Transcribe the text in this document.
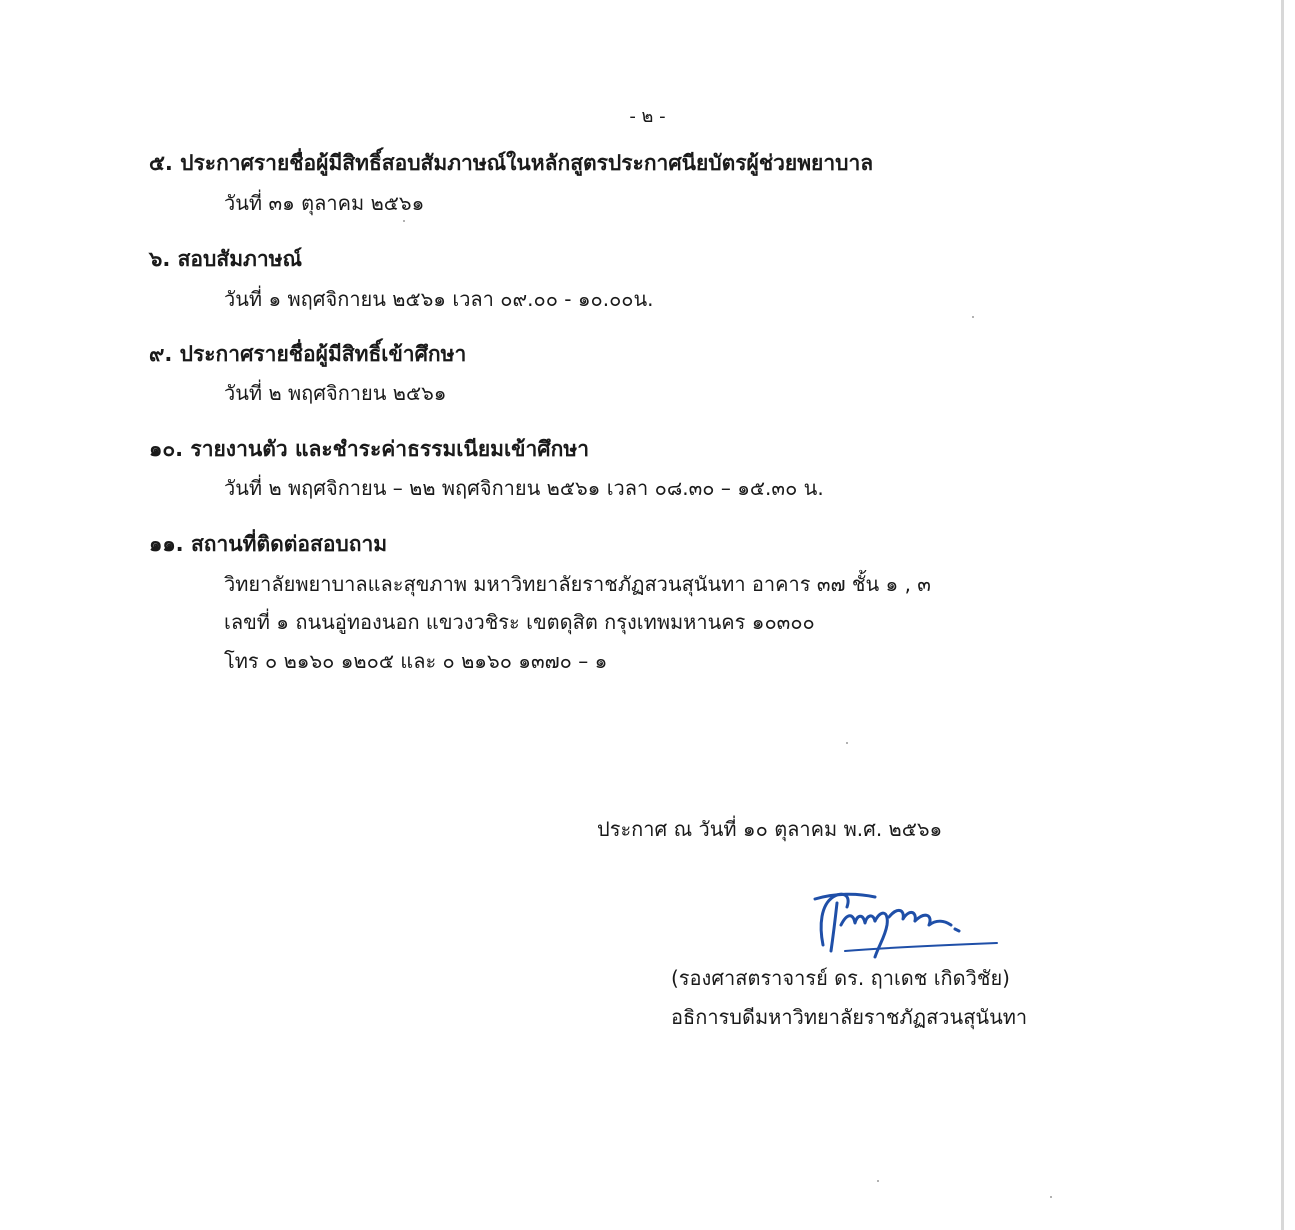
- ๒ -
๕. ประกาศรายชื่อผู้มีสิทธิ์สอบสัมภาษณ์ในหลักสูตรประกาศนียบัตรผู้ช่วยพยาบาล
วันที่ ๓๑ ตุลาคม ๒๕๖๑
๖. สอบสัมภาษณ์
วันที่ ๑ พฤศจิกายน ๒๕๖๑ เวลา ๐๙.๐๐ - ๑๐.๐๐น.
๙. ประกาศรายชื่อผู้มีสิทธิ์เข้าศึกษา
วันที่ ๒ พฤศจิกายน ๒๕๖๑
๑๐. รายงานตัว และชำระค่าธรรมเนียมเข้าศึกษา
วันที่ ๒ พฤศจิกายน – ๒๒ พฤศจิกายน ๒๕๖๑ เวลา ๐๘.๓๐ – ๑๕.๓๐ น.
๑๑. สถานที่ติดต่อสอบถาม
วิทยาลัยพยาบาลและสุขภาพ มหาวิทยาลัยราชภัฏสวนสุนันทา อาคาร ๓๗ ชั้น ๑ , ๓
เลขที่ ๑ ถนนอู่ทองนอก แขวงวชิระ เขตดุสิต กรุงเทพมหานคร ๑๐๓๐๐
โทร ๐ ๒๑๖๐ ๑๒๐๕ และ ๐ ๒๑๖๐ ๑๓๗๐ – ๑
ประกาศ ณ วันที่ ๑๐ ตุลาคม พ.ศ. ๒๕๖๑
(รองศาสตราจารย์ ดร. ฤาเดช เกิดวิชัย)
อธิการบดีมหาวิทยาลัยราชภัฏสวนสุนันทา
